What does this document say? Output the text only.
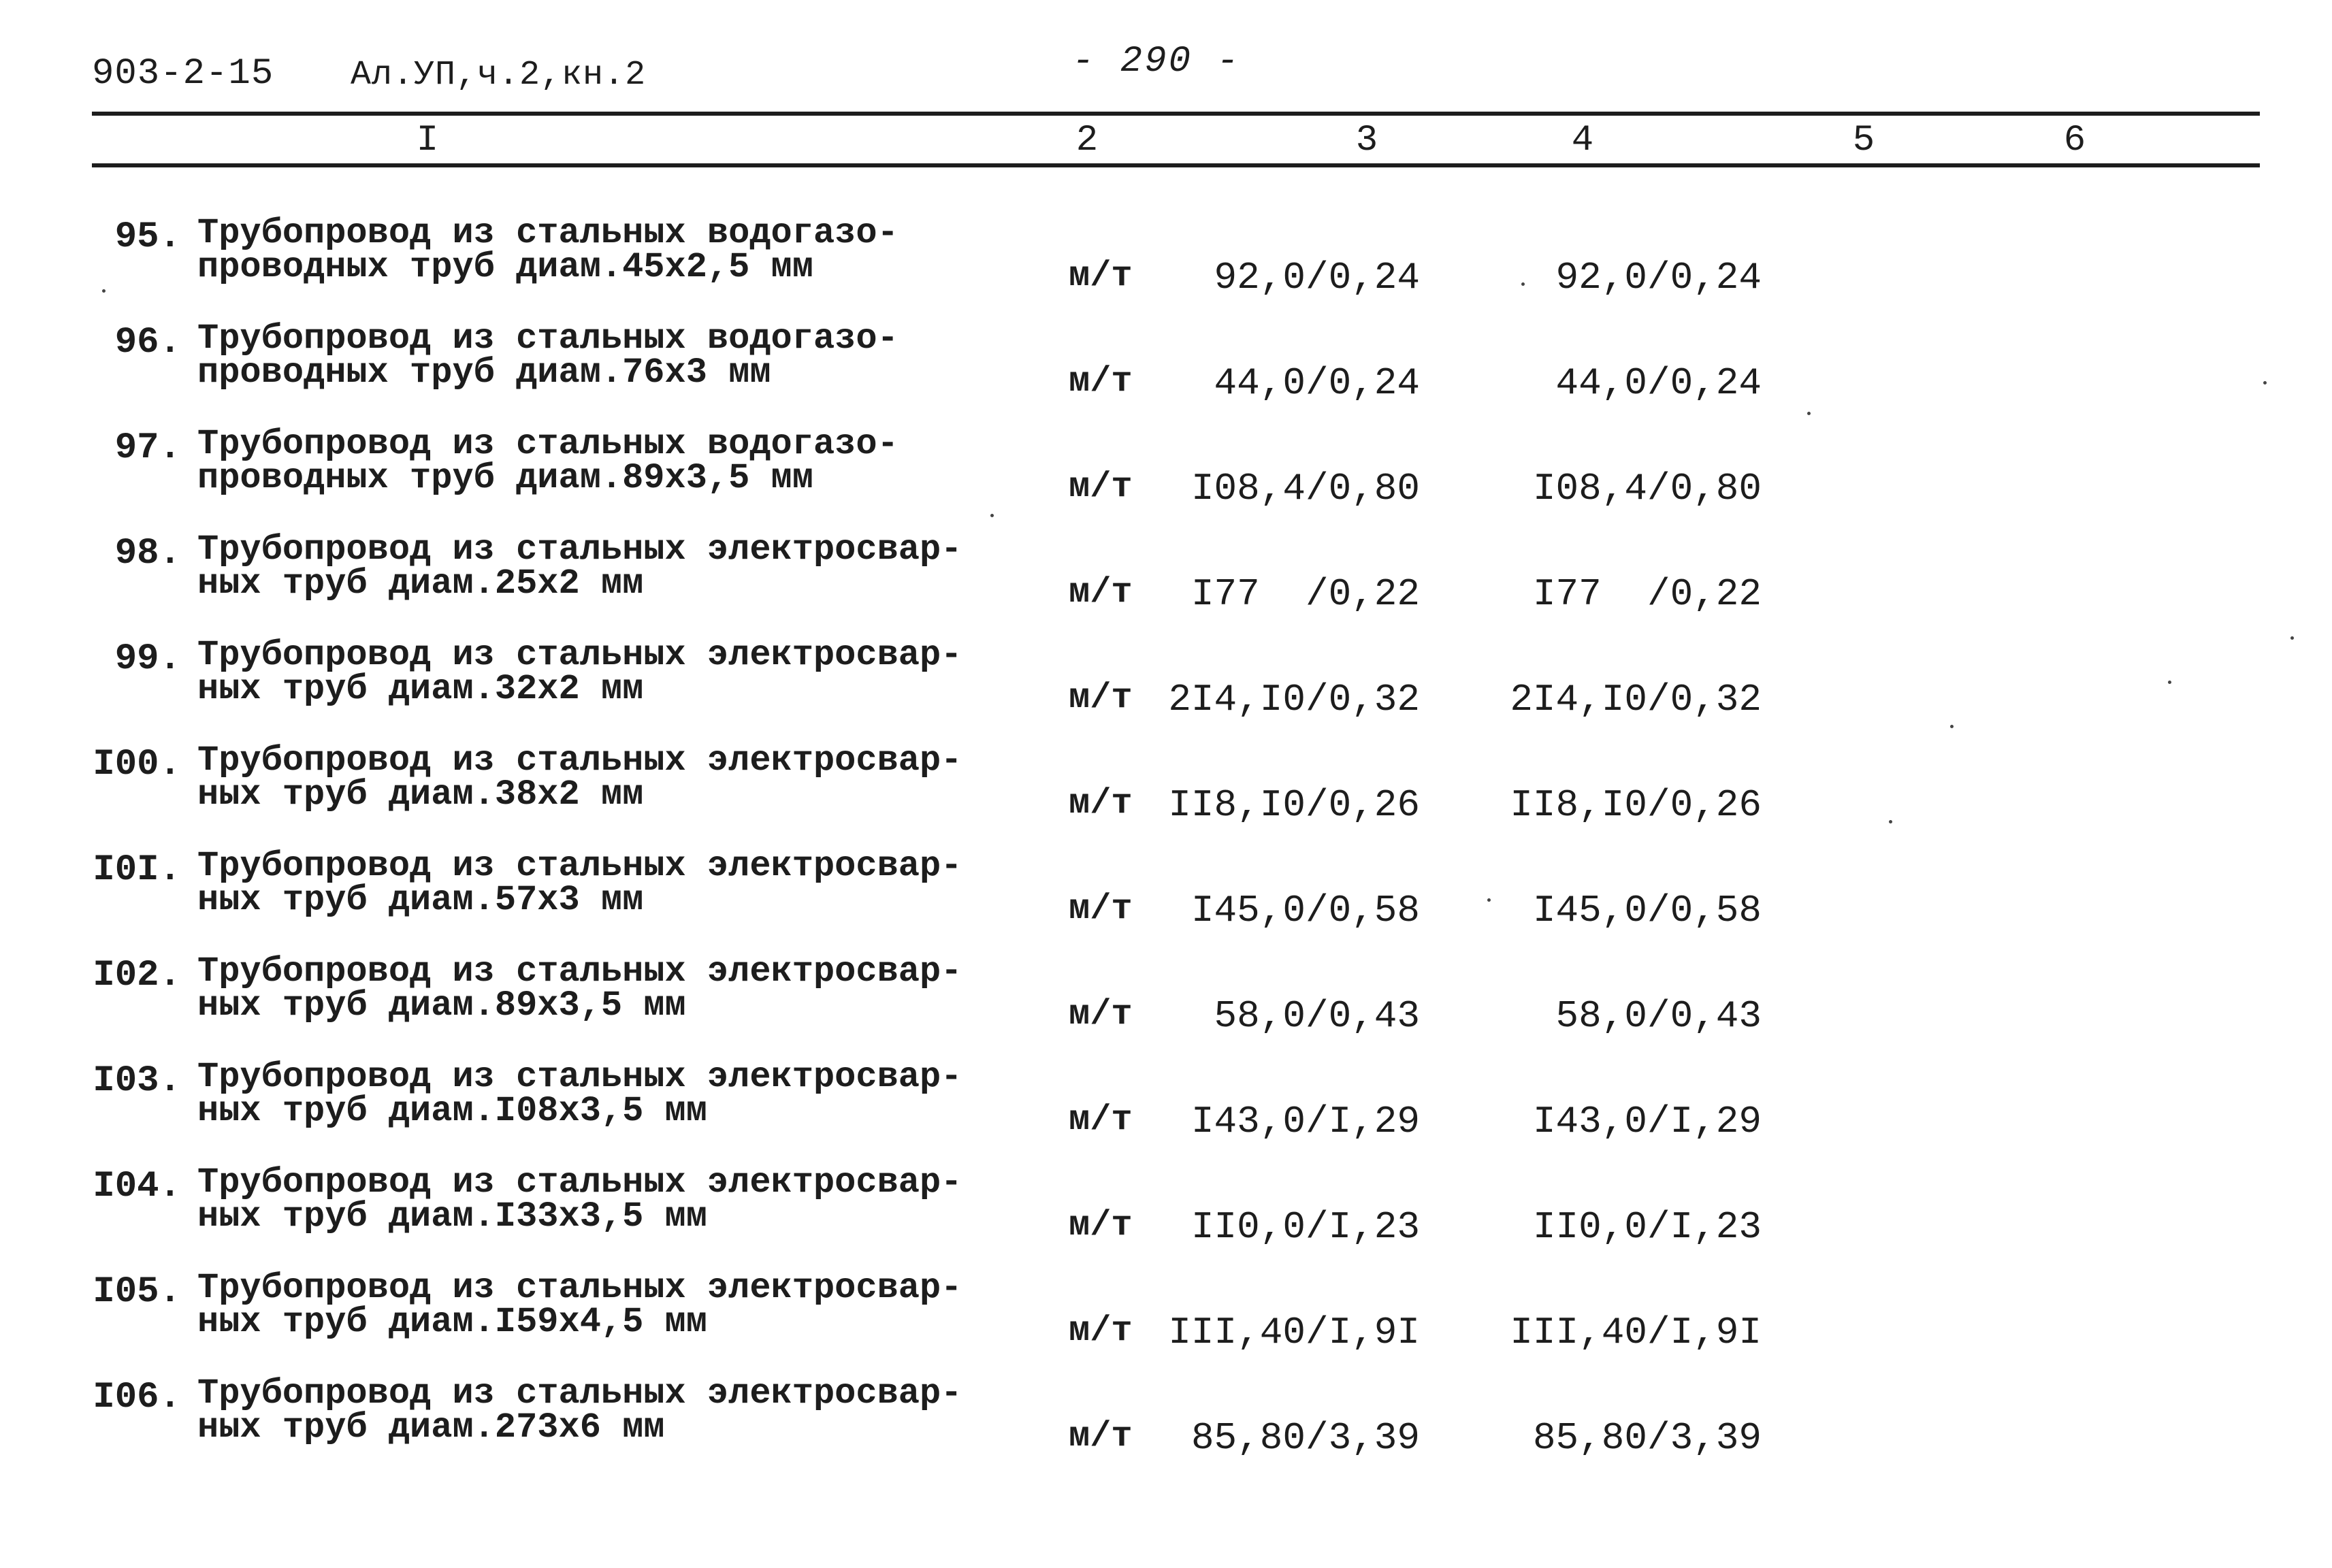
903-2-15 Ал.УП,ч.2,кн.2	- 290 -
I	2	3	4	5	6
95. Трубопровод из стальных водогазо-
проводных труб диам.45х2,5 мм	м/т 92,0/0,24	92,0/0,24
96. Трубопровод из стальных водогазо-
проводных труб диам.76х3 мм	м/т 44,0/0,24	44,0/0,24
97. Трубопровод из стальных водогазо-
проводных труб диам.89х3,5 мм	м/т I08,4/0,80	I08,4/0,80
98. Трубопровод из стальных электросвар-
ных труб диам.25х2 мм	м/т I77  /0,22	I77  /0,22
99. Трубопровод из стальных электросвар-
ных труб диам.32х2 мм	м/т 2I4,I0/0,32 2I4,I0/0,32
I00. Трубопровод из стальных электросвар-
ных труб диам.38х2 мм	м/т II8,I0/0,26 II8,I0/0,26
I0I. Трубопровод из стальных электросвар-
ных труб диам.57х3 мм	м/т I45,0/0,58	I45,0/0,58
I02. Трубопровод из стальных электросвар-
ных труб диам.89х3,5 мм	м/т 58,0/0,43	58,0/0,43
I03. Трубопровод из стальных электросвар-
ных труб диам.I08х3,5 мм	м/т I43,0/I,29	I43,0/I,29
I04. Трубопровод из стальных электросвар-
ных труб диам.I33х3,5 мм	м/т II0,0/I,23	II0,0/I,23
I05. Трубопровод из стальных электросвар-
ных труб диам.I59х4,5 мм	м/т III,40/I,9I III,40/I,9I
I06. Трубопровод из стальных электросвар-
ных труб диам.273х6 мм	м/т 85,80/3,39	85,80/3,39
